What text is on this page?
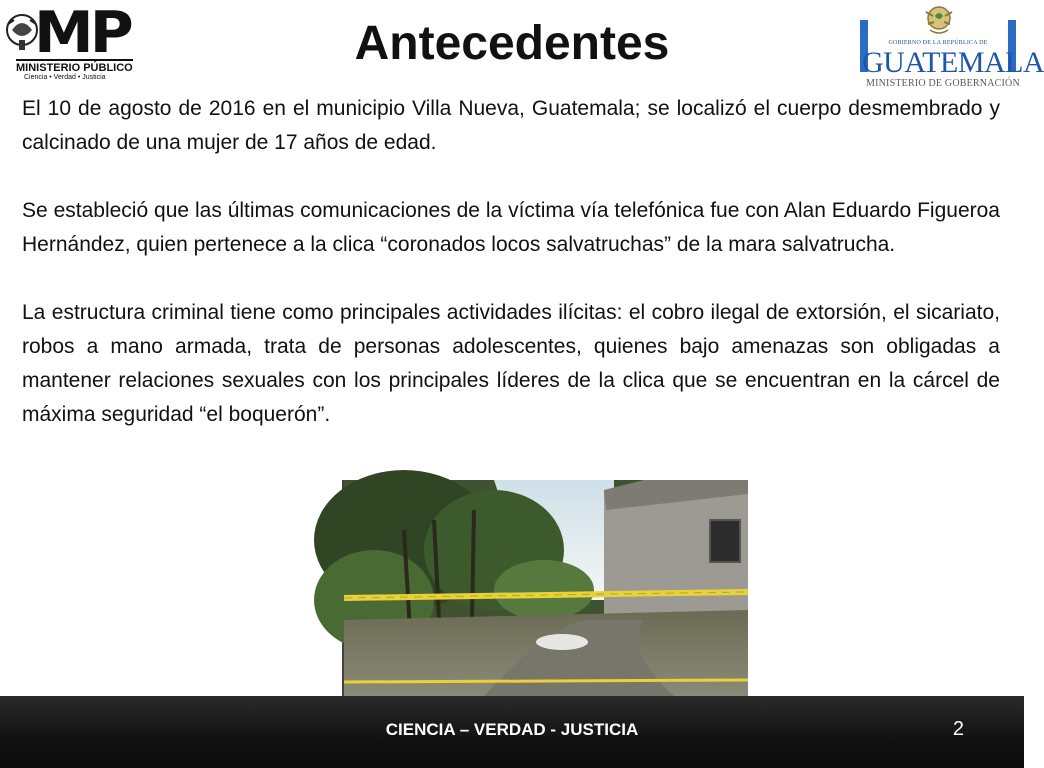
MP
MINISTERIO PÚBLICO
Ciencia • Verdad • Justicia
Antecedentes	GOBIERNO DE LA REPÚBLICA DE
GUATEMALA
MINISTERIO DE GOBERNACIÓN

El 10 de agosto de 2016 en el municipio Villa Nueva, Guatemala; se localizó el cuerpo desmembrado y calcinado de una mujer de 17 años de edad.

Se estableció que las últimas comunicaciones de la víctima vía telefónica fue con Alan Eduardo Figueroa Hernández, quien pertenece a la clica “coronados locos salvatruchas” de la mara salvatrucha.

La estructura criminal tiene como principales actividades ilícitas: el cobro ilegal de extorsión, el sicariato, robos a mano armada, trata de personas adolescentes, quienes bajo amenazas son obligadas a mantener relaciones sexuales con los principales líderes de la clica que se encuentran en la cárcel de máxima seguridad “el boquerón”.

CIENCIA – VERDAD - JUSTICIA	2
